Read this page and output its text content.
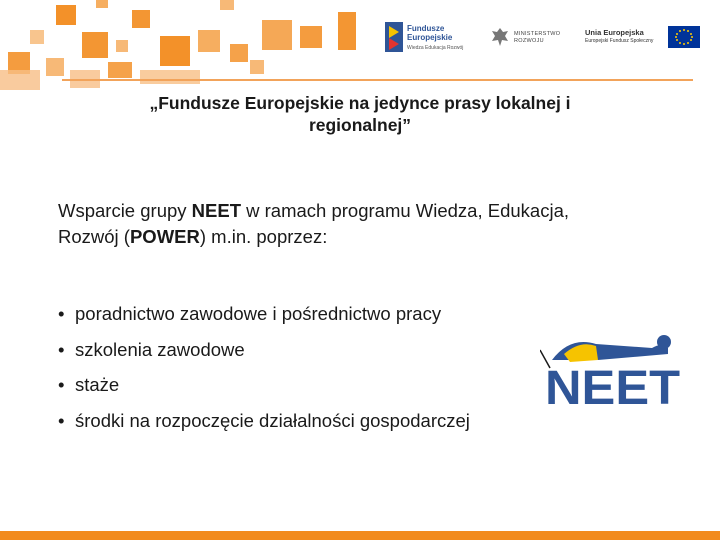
Fundusze
Europejskie
Wiedza Edukacja Rozwój
MINISTERSTWO
ROZWOJU
Unia Europejska
Europejski Fundusz Społeczny
„Fundusze Europejskie na jedynce prasy lokalnej i
regionalnej”
Wsparcie grupy NEET w ramach programu Wiedza, Edukacja,
Rozwój (POWER) m.in. poprzez:
• poradnictwo zawodowe i pośrednictwo pracy
• szkolenia zawodowe
• staże
• środki na rozpoczęcie działalności gospodarczej
NEET
